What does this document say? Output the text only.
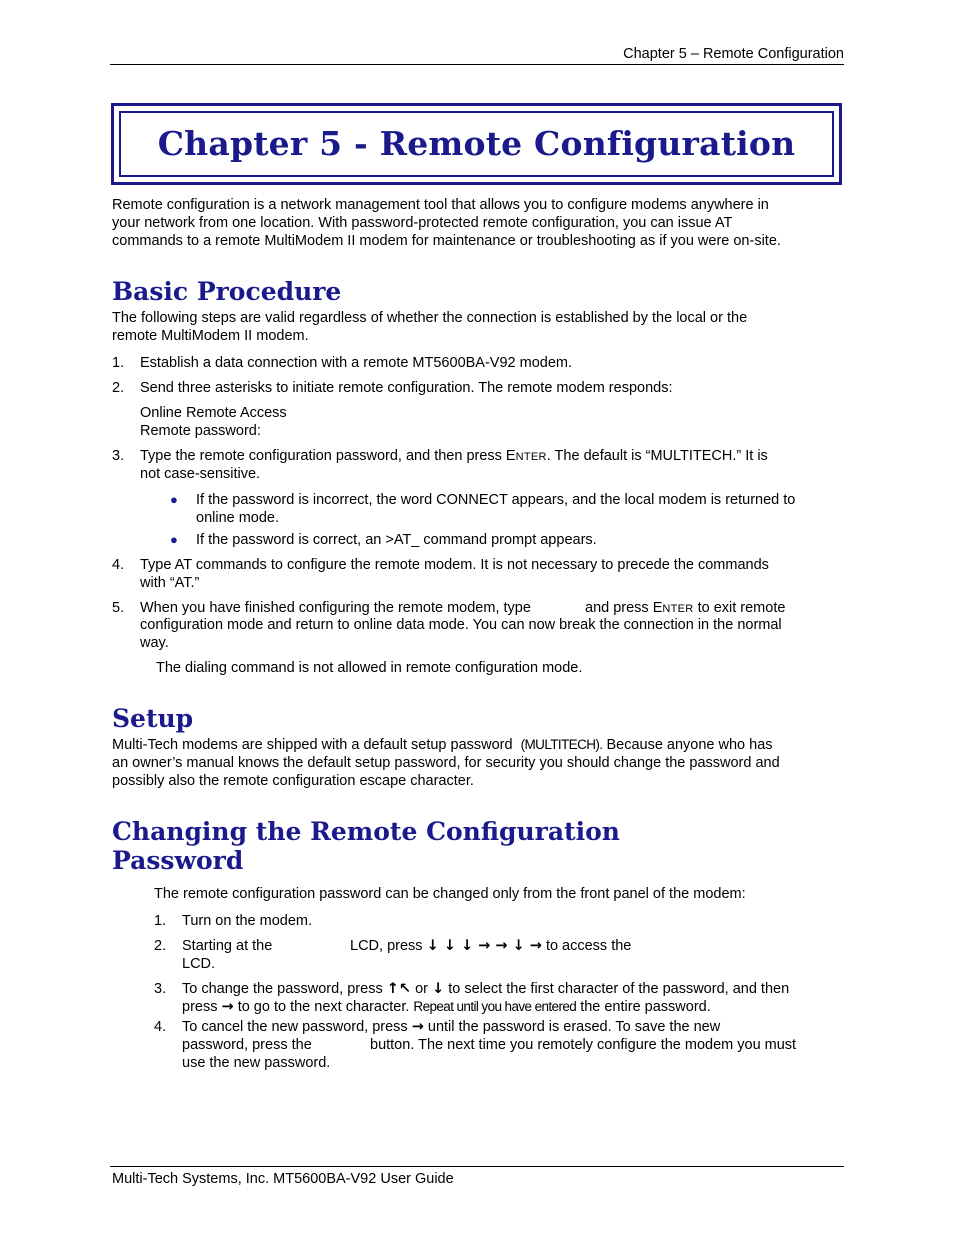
Chapter 5 – Remote Configuration
Chapter 5 - Remote Configuration
Remote configuration is a network management tool that allows you to configure modems anywhere in
your network from one location. With password-protected remote configuration, you can issue AT
commands to a remote MultiModem II modem for maintenance or troubleshooting as if you were on-site.
Basic Procedure
The following steps are valid regardless of whether the connection is established by the local or the
remote MultiModem II modem.
1. Establish a data connection with a remote MT5600BA-V92 modem.
2. Send three asterisks to initiate remote configuration. The remote modem responds:
Online Remote Access
Remote password:
3. Type the remote configuration password, and then press ENTER. The default is “MULTITECH.” It is
not case-sensitive.
● If the password is incorrect, the word CONNECT appears, and the local modem is returned to
online mode.
● If the password is correct, an >AT_ command prompt appears.
4. Type AT commands to configure the remote modem. It is not necessary to precede the commands
with “AT.”
5. When you have finished configuring the remote modem, type	and press ENTER to exit remote
configuration mode and return to online data mode. You can now break the connection in the normal
way.
The dialing command is not allowed in remote configuration mode.
Setup
Multi-Tech modems are shipped with a default setup password (MULTITECH). Because anyone who has
an owner’s manual knows the default setup password, for security you should change the password and
possibly also the remote configuration escape character.
Changing the Remote Configuration
Password
The remote configuration password can be changed only from the front panel of the modem:
1. Turn on the modem.
2. Starting at the	LCD, press ↓ ↓ ↓ → → ↓ → to access the
LCD.
3. To change the password, press ↑↖ or ↓ to select the first character of the password, and then
press → to go to the next character. Repeat until you have entered the entire password.
4. To cancel the new password, press → until the password is erased. To save the new
password, press the	button. The next time you remotely configure the modem you must
use the new password.
Multi-Tech Systems, Inc. MT5600BA-V92 User Guide
